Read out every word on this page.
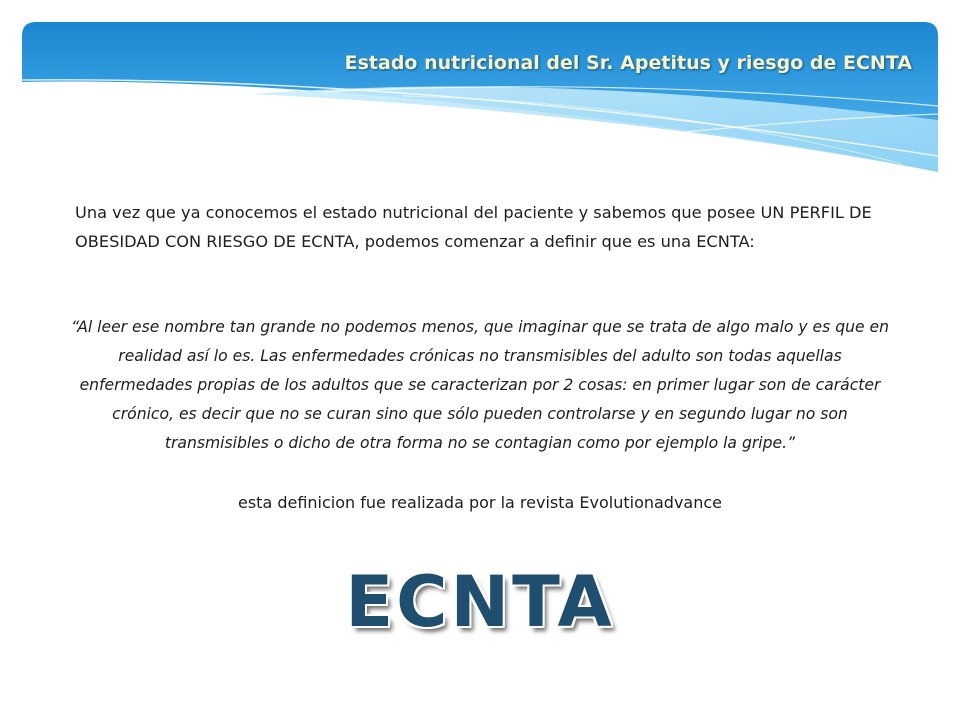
Estado nutricional del Sr. Apetitus y riesgo de ECNTA

Una vez que ya conocemos el estado nutricional del paciente y sabemos que posee UN PERFIL DE OBESIDAD CON RIESGO DE ECNTA, podemos comenzar a definir que es una ECNTA:

“Al leer ese nombre tan grande no podemos menos, que imaginar que se trata de algo malo y es que en realidad así lo es. Las enfermedades crónicas no transmisibles del adulto son todas aquellas enfermedades propias de los adultos que se caracterizan por 2 cosas: en primer lugar son de carácter crónico, es decir que no se curan sino que sólo pueden controlarse y en segundo lugar no son transmisibles o dicho de otra forma no se contagian como por ejemplo la gripe.”

esta definicion fue realizada por la revista Evolutionadvance

ECNTA
